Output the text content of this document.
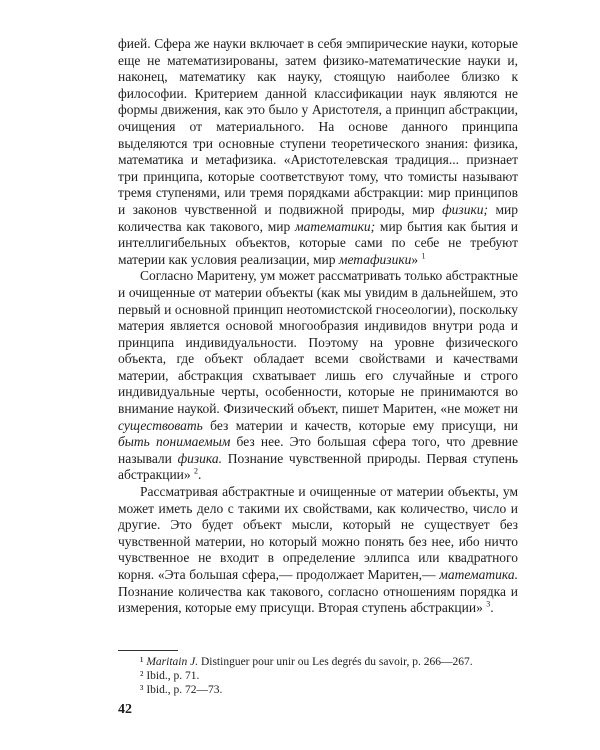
фией. Сфера же науки включает в себя эмпирические науки, которые еще не математизированы, затем физико-математические науки и, наконец, математику как науку, стоящую наиболее близко к философии. Критерием данной классификации наук являются не формы движения, как это было у Аристотеля, а принцип абстракции, очищения от материального. На основе данного принципа выделяются три основные ступени теоретического знания: физика, математика и метафизика. «Аристотелевская традиция... признает три принципа, которые соответствуют тому, что томисты называют тремя ступенями, или тремя порядками абстракции: мир принципов и законов чувственной и подвижной природы, мир физики; мир количества как такового, мир математики; мир бытия как бытия и интеллигибельных объектов, которые сами по себе не требуют материи как условия реализации, мир метафизики» $^1$

Согласно Маритену, ум может рассматривать только абстрактные и очищенные от материи объекты (как мы увидим в дальнейшем, это первый и основной принцип неотомистской гносеологии), поскольку материя является основой многообразия индивидов внутри рода и принципа индивидуальности. Поэтому на уровне физического объекта, где объект обладает всеми свойствами и качествами материи, абстракция схватывает лишь его случайные и строго индивидуальные черты, особенности, которые не принимаются во внимание наукой. Физический объект, пишет Маритен, «не может ни существовать без материи и качеств, которые ему присущи, ни быть понимаемым без нее. Это большая сфера того, что древние называли физика. Познание чувственной природы. Первая ступень абстракции» $^2$.

Рассматривая абстрактные и очищенные от материи объекты, ум может иметь дело с такими их свойствами, как количество, число и другие. Это будет объект мысли, который не существует без чувственной материи, но который можно понять без нее, ибо ничто чувственное не входит в определение эллипса или квадратного корня. «Эта большая сфера,— продолжает Маритен,— математика. Познание количества как такового, согласно отношениям порядка и измерения, которые ему присущи. Вторая ступень абстракции» $^3$.

¹ Maritain J. Distinguer pour unir ou Les degrés du savoir, p. 266—267.
² Ibid., p. 71.
³ Ibid., p. 72—73.
42
